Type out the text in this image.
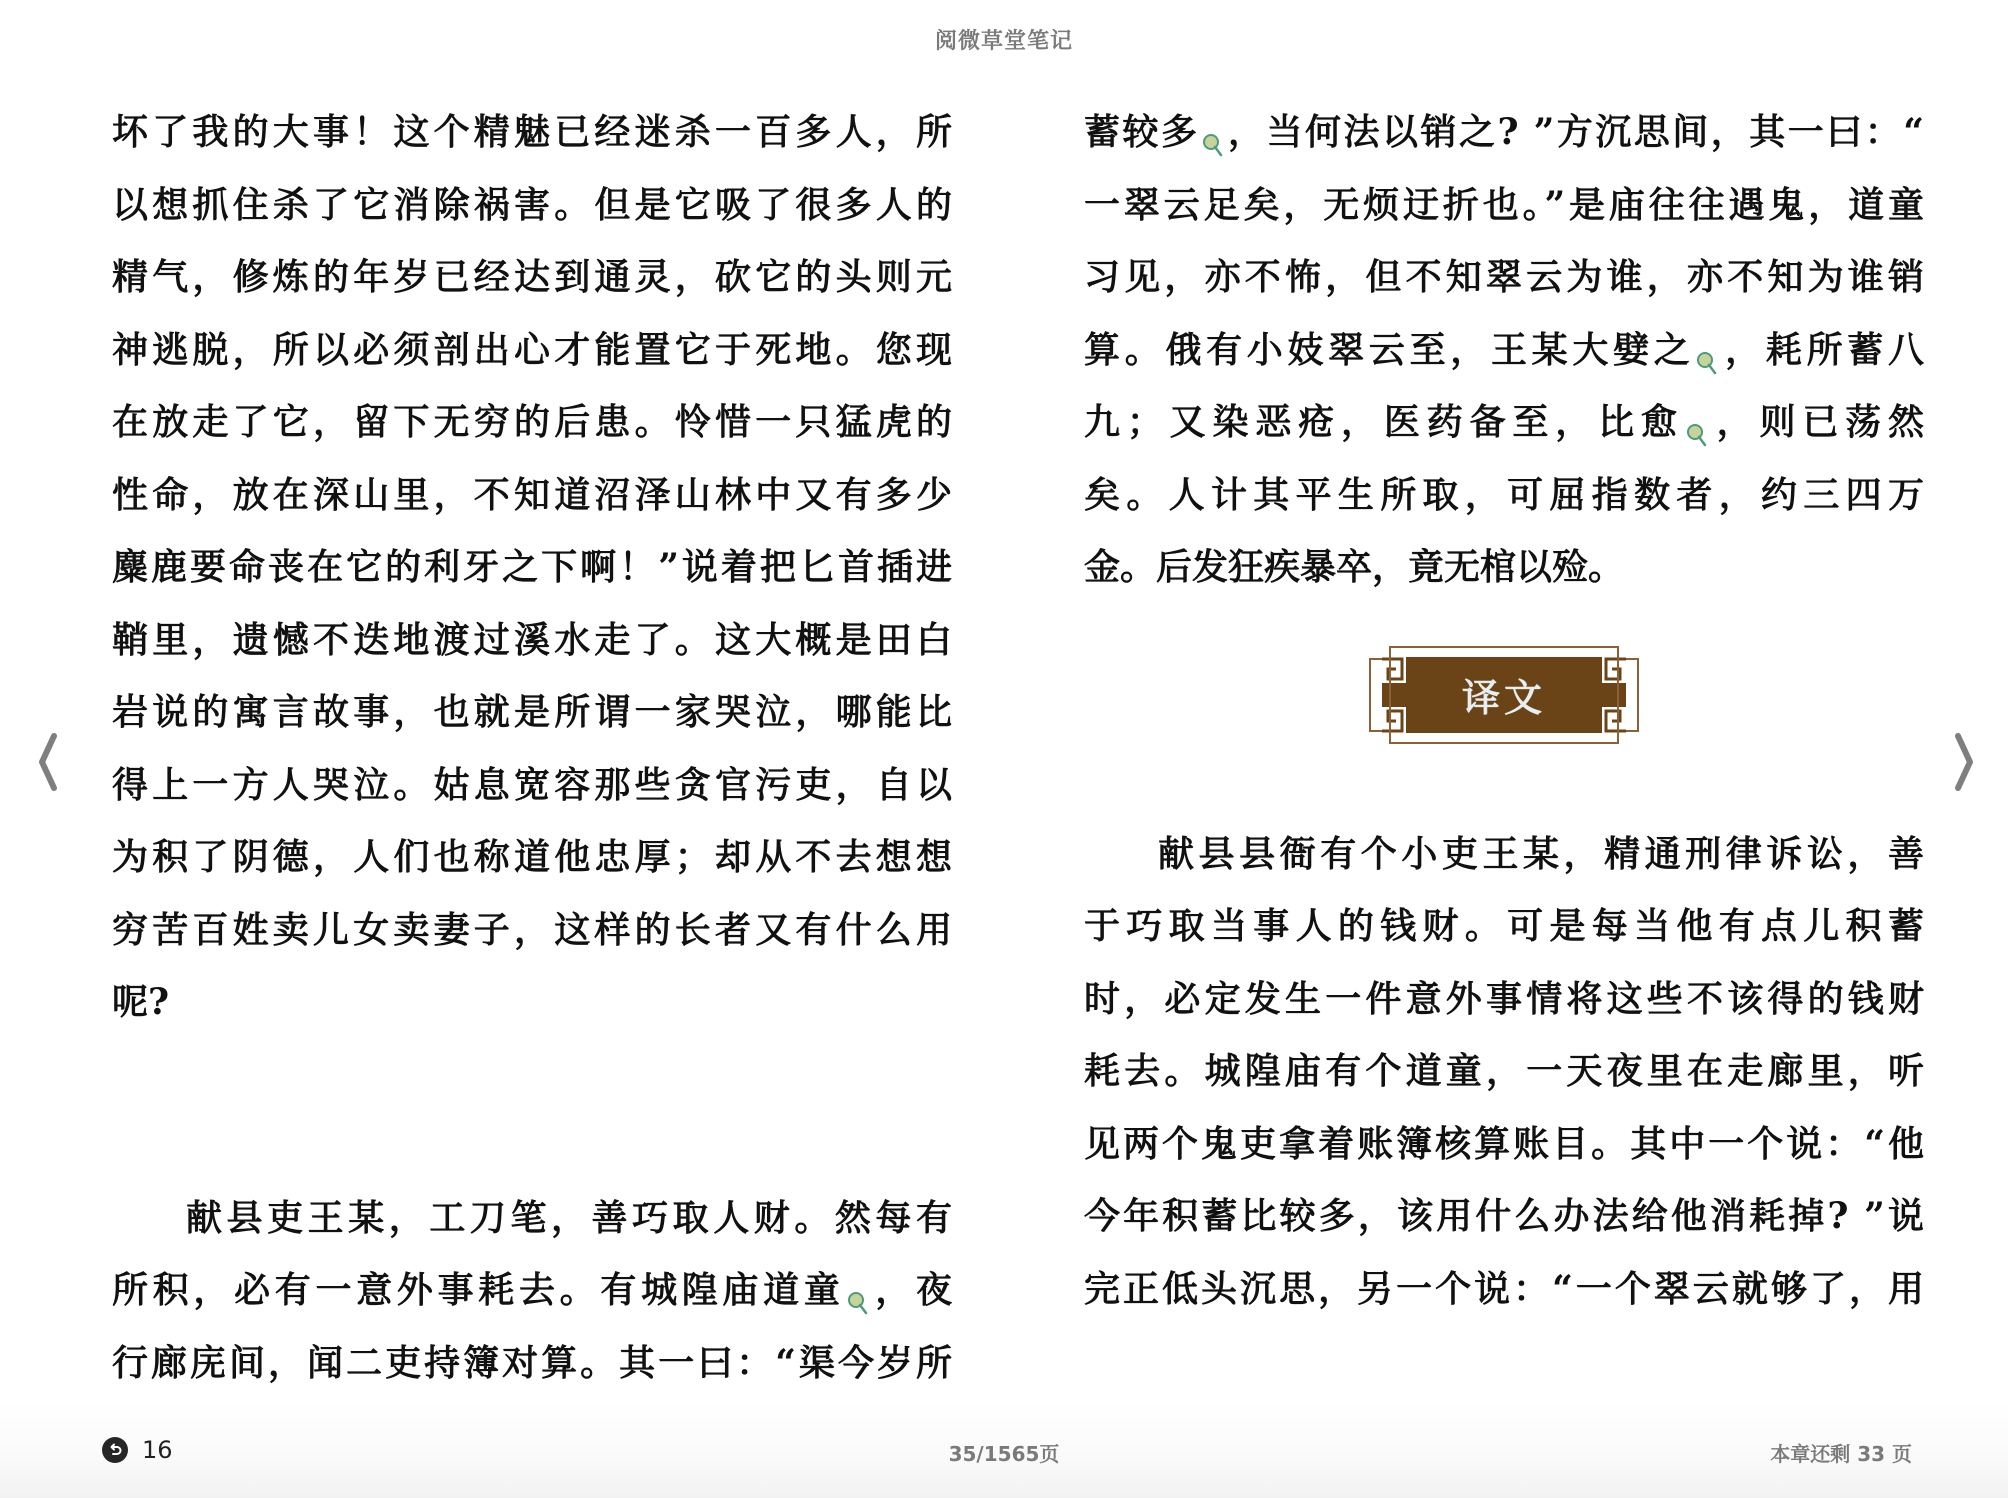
阅微草堂笔记
坏了我的大事！这个精魅已经迷杀一百多人，所
以想抓住杀了它消除祸害。但是它吸了很多人的
精气，修炼的年岁已经达到通灵，砍它的头则元
神逃脱，所以必须剖出心才能置它于死地。您现
在放走了它，留下无穷的后患。怜惜一只猛虎的
性命，放在深山里，不知道沼泽山林中又有多少
麋鹿要命丧在它的利牙之下啊！”说着把匕首插进
鞘里，遗憾不迭地渡过溪水走了。这大概是田白
岩说的寓言故事，也就是所谓一家哭泣，哪能比
得上一方人哭泣。姑息宽容那些贪官污吏，自以
为积了阴德，人们也称道他忠厚；却从不去想想
穷苦百姓卖儿女卖妻子，这样的长者又有什么用
呢?
献县吏王某，工刀笔，善巧取人财。然每有
所积，必有一意外事耗去。有城隍庙道童 ，夜
行廊庑间，闻二吏持簿对算。其一曰：“渠今岁所
蓄较多 ，当何法以销之? ”方沉思间，其一曰：“
一翠云足矣，无烦迂折也。”是庙往往遇鬼，道童
习见，亦不怖，但不知翠云为谁，亦不知为谁销
算。俄有小妓翠云至，王某大嬖之 ，耗所蓄八
九；又染恶疮，医药备至，比愈 ，则已荡然
矣。人计其平生所取，可屈指数者，约三四万
金。后发狂疾暴卒，竟无棺以殓。
译文
献县县衙有个小吏王某，精通刑律诉讼，善
于巧取当事人的钱财。可是每当他有点儿积蓄
时，必定发生一件意外事情将这些不该得的钱财
耗去。城隍庙有个道童，一天夜里在走廊里，听
见两个鬼吏拿着账簿核算账目。其中一个说：“他
今年积蓄比较多，该用什么办法给他消耗掉? ”说
完正低头沉思，另一个说：“一个翠云就够了，用
16	35/1565页	本章还剩 33 页
